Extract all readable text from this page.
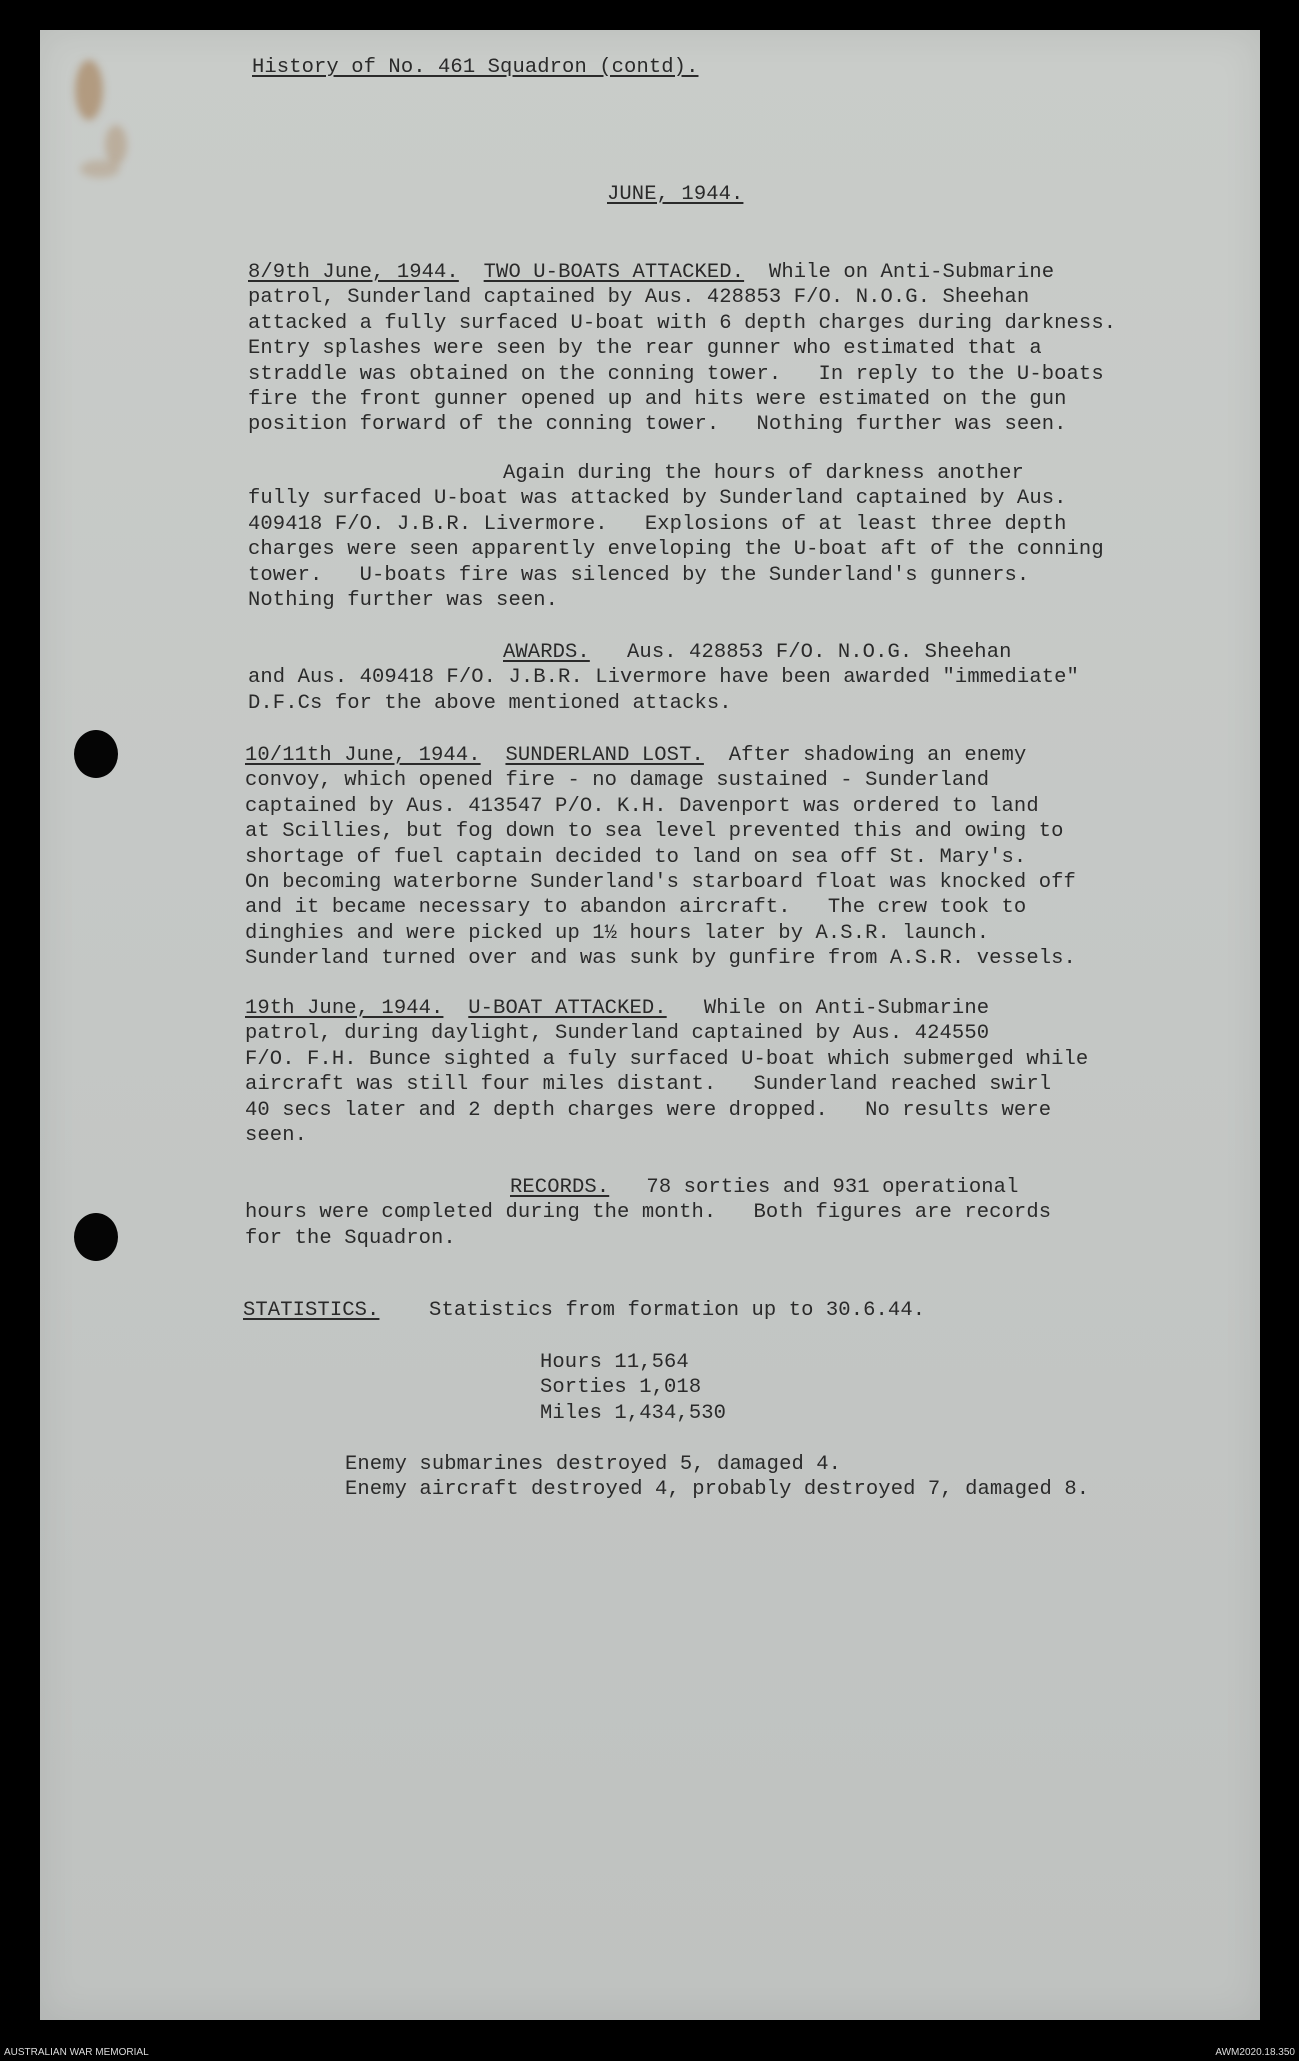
History of No. 461 Squadron (contd).
JUNE, 1944.
8/9th June, 1944. TWO U-BOATS ATTACKED.  While on Anti-Submarine
patrol, Sunderland captained by Aus. 428853 F/O. N.O.G. Sheehan
attacked a fully surfaced U-boat with 6 depth charges during darkness.
Entry splashes were seen by the rear gunner who estimated that a
straddle was obtained on the conning tower.   In reply to the U-boats
fire the front gunner opened up and hits were estimated on the gun
position forward of the conning tower.   Nothing further was seen.
Again during the hours of darkness another
fully surfaced U-boat was attacked by Sunderland captained by Aus.
409418 F/O. J.B.R. Livermore.   Explosions of at least three depth
charges were seen apparently enveloping the U-boat aft of the conning
tower.   U-boats fire was silenced by the Sunderland's gunners.
Nothing further was seen.
AWARDS.   Aus. 428853 F/O. N.O.G. Sheehan
and Aus. 409418 F/O. J.B.R. Livermore have been awarded "immediate"
D.F.Cs for the above mentioned attacks.
10/11th June, 1944. SUNDERLAND LOST.  After shadowing an enemy
convoy, which opened fire - no damage sustained - Sunderland
captained by Aus. 413547 P/O. K.H. Davenport was ordered to land
at Scillies, but fog down to sea level prevented this and owing to
shortage of fuel captain decided to land on sea off St. Mary's.
On becoming waterborne Sunderland's starboard float was knocked off
and it became necessary to abandon aircraft.   The crew took to
dinghies and were picked up 1½ hours later by A.S.R. launch.
Sunderland turned over and was sunk by gunfire from A.S.R. vessels.
19th June, 1944. U-BOAT ATTACKED.   While on Anti-Submarine
patrol, during daylight, Sunderland captained by Aus. 424550
F/O. F.H. Bunce sighted a fuly surfaced U-boat which submerged while
aircraft was still four miles distant.   Sunderland reached swirl
40 secs later and 2 depth charges were dropped.   No results were
seen.
RECORDS.   78 sorties and 931 operational
hours were completed during the month.   Both figures are records
for the Squadron.
STATISTICS.    Statistics from formation up to 30.6.44.
Hours 11,564
Sorties 1,018
Miles 1,434,530
Enemy submarines destroyed 5, damaged 4.
Enemy aircraft destroyed 4, probably destroyed 7, damaged 8.
AUSTRALIAN WAR MEMORIAL	AWM2020.18.350
